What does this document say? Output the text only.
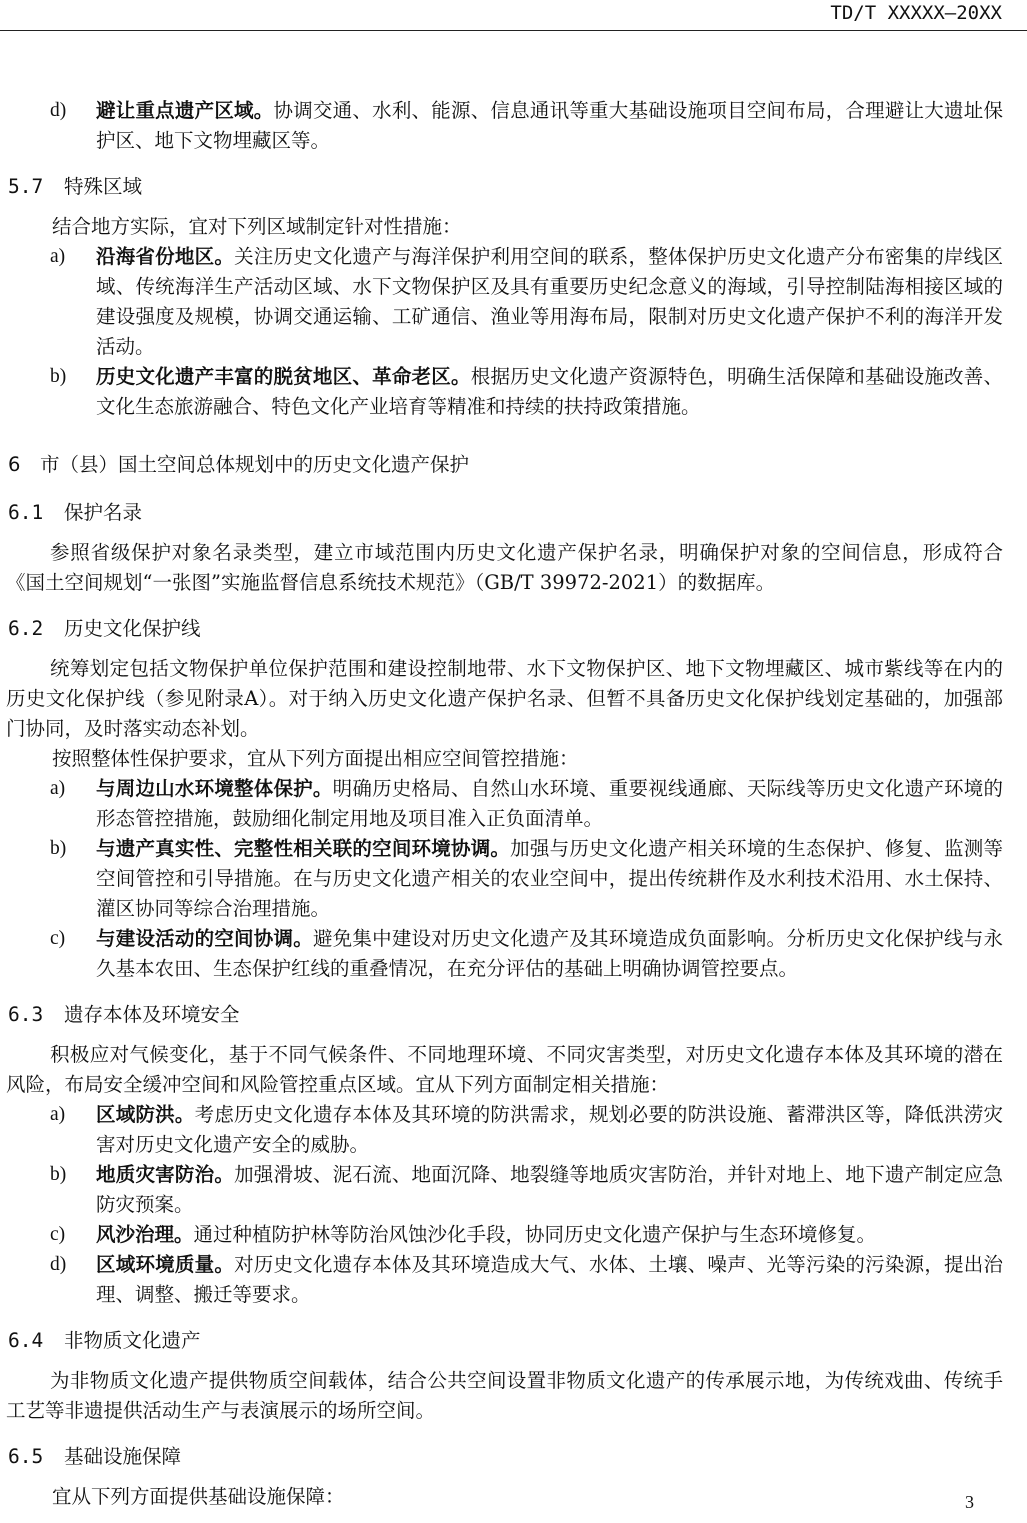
TD/T XXXXX—20XX
d) 避让重点遗产区域。协调交通、水利、能源、信息通讯等重大基础设施项目空间布局，合理避让大遗址保护区、地下文物埋藏区等。
5.7 特殊区域
结合地方实际，宜对下列区域制定针对性措施：
a) 沿海省份地区。关注历史文化遗产与海洋保护利用空间的联系，整体保护历史文化遗产分布密集的岸线区域、传统海洋生产活动区域、水下文物保护区及具有重要历史纪念意义的海域，引导控制陆海相接区域的建设强度及规模，协调交通运输、工矿通信、渔业等用海布局，限制对历史文化遗产保护不利的海洋开发活动。
b) 历史文化遗产丰富的脱贫地区、革命老区。根据历史文化遗产资源特色，明确生活保障和基础设施改善、文化生态旅游融合、特色文化产业培育等精准和持续的扶持政策措施。
6 市（县）国土空间总体规划中的历史文化遗产保护
6.1 保护名录
参照省级保护对象名录类型，建立市域范围内历史文化遗产保护名录，明确保护对象的空间信息，形成符合《国土空间规划“一张图”实施监督信息系统技术规范》（GB/T 39972-2021）的数据库。
6.2 历史文化保护线
统筹划定包括文物保护单位保护范围和建设控制地带、水下文物保护区、地下文物埋藏区、城市紫线等在内的历史文化保护线（参见附录A）。对于纳入历史文化遗产保护名录、但暂不具备历史文化保护线划定基础的，加强部门协同，及时落实动态补划。
按照整体性保护要求，宜从下列方面提出相应空间管控措施：
a) 与周边山水环境整体保护。明确历史格局、自然山水环境、重要视线通廊、天际线等历史文化遗产环境的形态管控措施，鼓励细化制定用地及项目准入正负面清单。
b) 与遗产真实性、完整性相关联的空间环境协调。加强与历史文化遗产相关环境的生态保护、修复、监测等空间管控和引导措施。在与历史文化遗产相关的农业空间中，提出传统耕作及水利技术沿用、水土保持、灌区协同等综合治理措施。
c) 与建设活动的空间协调。避免集中建设对历史文化遗产及其环境造成负面影响。分析历史文化保护线与永久基本农田、生态保护红线的重叠情况，在充分评估的基础上明确协调管控要点。
6.3 遗存本体及环境安全
积极应对气候变化，基于不同气候条件、不同地理环境、不同灾害类型，对历史文化遗存本体及其环境的潜在风险，布局安全缓冲空间和风险管控重点区域。宜从下列方面制定相关措施：
a) 区域防洪。考虑历史文化遗存本体及其环境的防洪需求，规划必要的防洪设施、蓄滞洪区等，降低洪涝灾害对历史文化遗产安全的威胁。
b) 地质灾害防治。加强滑坡、泥石流、地面沉降、地裂缝等地质灾害防治，并针对地上、地下遗产制定应急防灾预案。
c) 风沙治理。通过种植防护林等防治风蚀沙化手段，协同历史文化遗产保护与生态环境修复。
d) 区域环境质量。对历史文化遗存本体及其环境造成大气、水体、土壤、噪声、光等污染的污染源，提出治理、调整、搬迁等要求。
6.4 非物质文化遗产
为非物质文化遗产提供物质空间载体，结合公共空间设置非物质文化遗产的传承展示地，为传统戏曲、传统手工艺等非遗提供活动生产与表演展示的场所空间。
6.5 基础设施保障
宜从下列方面提供基础设施保障：	3
